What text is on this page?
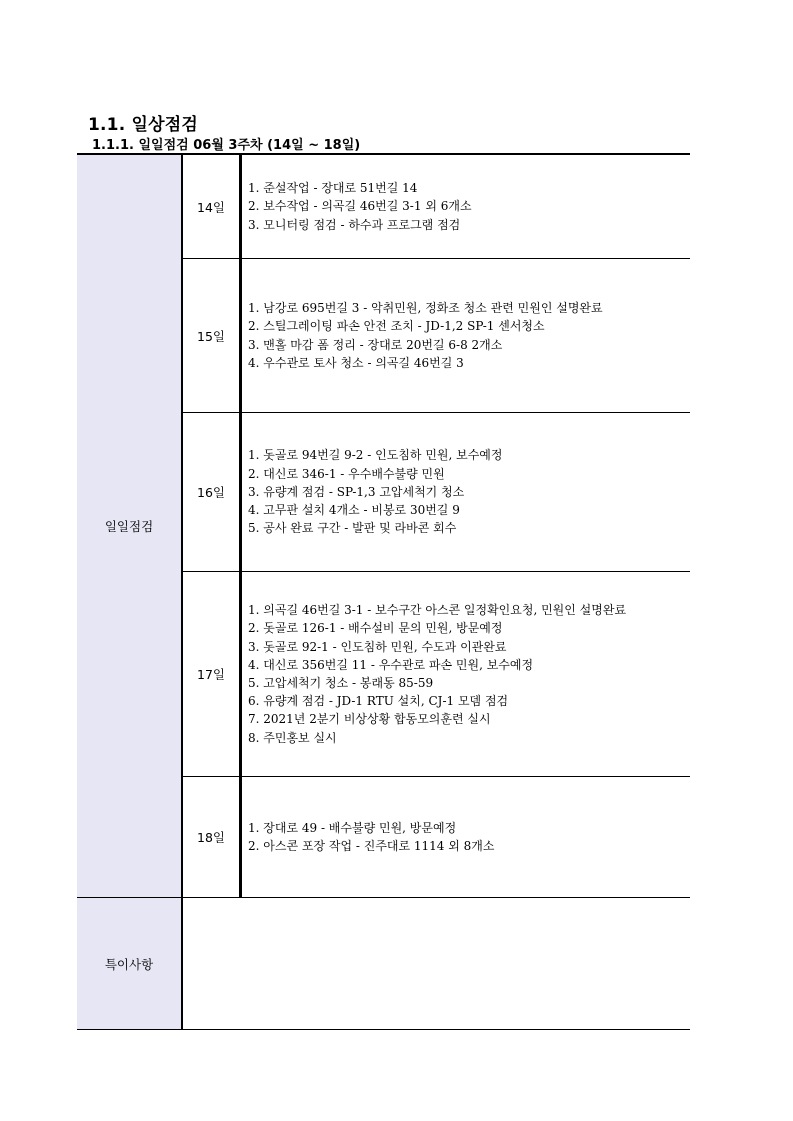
1.1. 일상점검
1.1.1. 일일점검 06월 3주차 (14일 ~ 18일)
일일점검
14일
1. 준설작업 - 장대로 51번길 14
2. 보수작업 - 의곡길 46번길 3-1 외 6개소
3. 모니터링 점검 - 하수과 프로그램 점검
15일
1. 남강로 695번길 3 - 악취민원, 정화조 청소 관련 민원인 설명완료
2. 스틸그레이팅 파손 안전 조치 - JD-1,2 SP-1 센서청소
3. 맨홀 마감 폼 정리 - 장대로 20번길 6-8 2개소
4. 우수관로 토사 청소 - 의곡길 46번길 3
16일
1. 돗골로 94번길 9-2 - 인도침하 민원, 보수예정
2. 대신로 346-1 - 우수배수불량 민원
3. 유량계 점검 - SP-1,3 고압세척기 청소
4. 고무판 설치 4개소 - 비봉로 30번길 9
5. 공사 완료 구간 - 발판 및 라바콘 회수
17일
1. 의곡길 46번길 3-1 - 보수구간 아스콘 일정확인요청, 민원인 설명완료
2. 돗골로 126-1 - 배수설비 문의 민원, 방문예정
3. 돗골로 92-1 - 인도침하 민원, 수도과 이관완료
4. 대신로 356번길 11 - 우수관로 파손 민원, 보수예정
5. 고압세척기 청소 - 봉래동 85-59
6. 유량계 점검 - JD-1 RTU 설치, CJ-1 모뎀 점검
7. 2021년 2분기 비상상황 합동모의훈련 실시
8. 주민홍보 실시
18일
1. 장대로 49 - 배수불량 민원, 방문예정
2. 아스콘 포장 작업 - 진주대로 1114 외 8개소
특이사항
